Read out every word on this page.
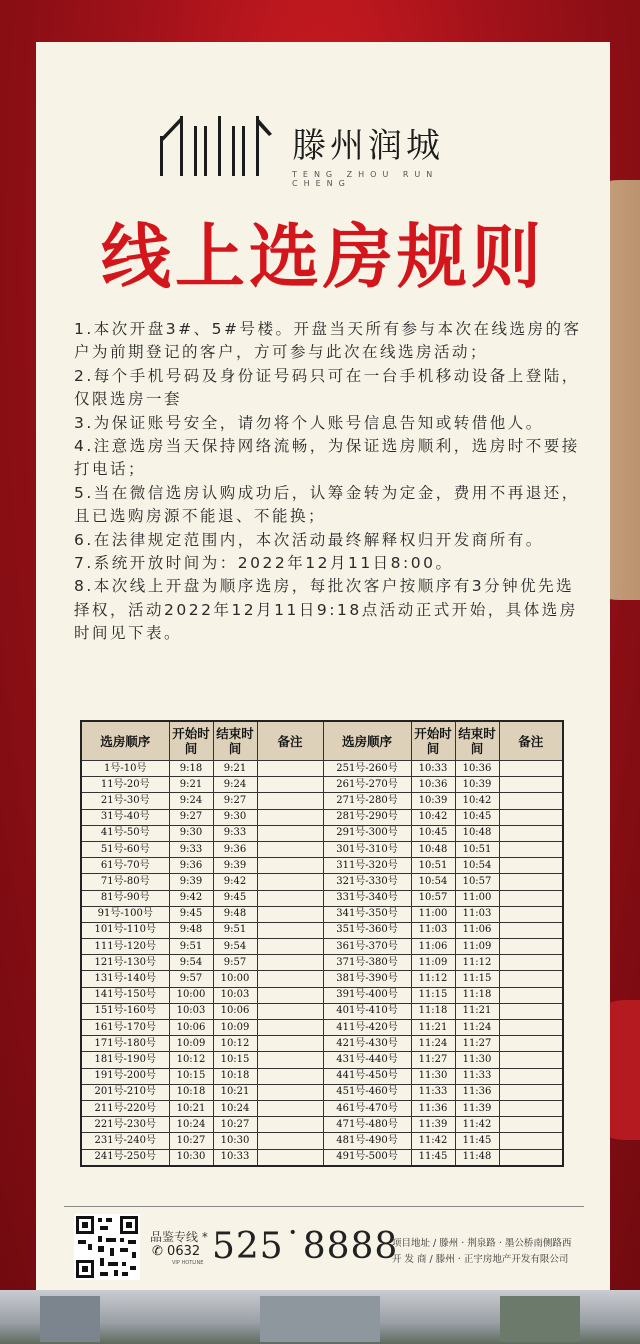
滕州润城
TENG ZHOU RUN CHENG
线上选房规则

1.本次开盘3#、5#号楼。开盘当天所有参与本次在线选房的客户为前期登记的客户，方可参与此次在线选房活动；

2.每个手机号码及身份证号码只可在一台手机移动设备上登陆，仅限选房一套

3.为保证账号安全，请勿将个人账号信息告知或转借他人。

4.注意选房当天保持网络流畅，为保证选房顺利，选房时不要接打电话；

5.当在微信选房认购成功后，认筹金转为定金，费用不再退还，且已选购房源不能退、不能换；

6.在法律规定范围内，本次活动最终解释权归开发商所有。

7.系统开放时间为：2022年12月11日8:00。

8.本次线上开盘为顺序选房，每批次客户按顺序有3分钟优先选择权，活动2022年12月11日9:18点活动正式开始，具体选房时间见下表。

选房顺序	开始时间	结束时间	备注	选房顺序	开始时间	结束时间	备注
1号-10号	9:18	9:21		251号-260号	10:33	10:36	
11号-20号	9:21	9:24		261号-270号	10:36	10:39	
21号-30号	9:24	9:27		271号-280号	10:39	10:42	
31号-40号	9:27	9:30		281号-290号	10:42	10:45	
41号-50号	9:30	9:33		291号-300号	10:45	10:48	
51号-60号	9:33	9:36		301号-310号	10:48	10:51	
61号-70号	9:36	9:39		311号-320号	10:51	10:54	
71号-80号	9:39	9:42		321号-330号	10:54	10:57	
81号-90号	9:42	9:45		331号-340号	10:57	11:00	
91号-100号	9:45	9:48		341号-350号	11:00	11:03	
101号-110号	9:48	9:51		351号-360号	11:03	11:06	
111号-120号	9:51	9:54		361号-370号	11:06	11:09	
121号-130号	9:54	9:57		371号-380号	11:09	11:12	
131号-140号	9:57	10:00		381号-390号	11:12	11:15	
141号-150号	10:00	10:03		391号-400号	11:15	11:18	
151号-160号	10:03	10:06		401号-410号	11:18	11:21	
161号-170号	10:06	10:09		411号-420号	11:21	11:24	
171号-180号	10:09	10:12		421号-430号	11:24	11:27	
181号-190号	10:12	10:15		431号-440号	11:27	11:30	
191号-200号	10:15	10:18		441号-450号	11:30	11:33	
201号-210号	10:18	10:21		451号-460号	11:33	11:36	
211号-220号	10:21	10:24		461号-470号	11:36	11:39	
221号-230号	10:24	10:27		471号-480号	11:39	11:42	
231号-240号	10:27	10:30		481号-490号	11:42	11:45	
241号-250号	10:30	10:33		491号-500号	11:45	11:48	
品鉴专线 *
✆ 0632
VIP HOTLINE 525˙8888
项目地址 / 滕州 · 荆泉路 · 墨公桥南侧路西
开 发 商 / 滕州 · 正宇房地产开发有限公司
